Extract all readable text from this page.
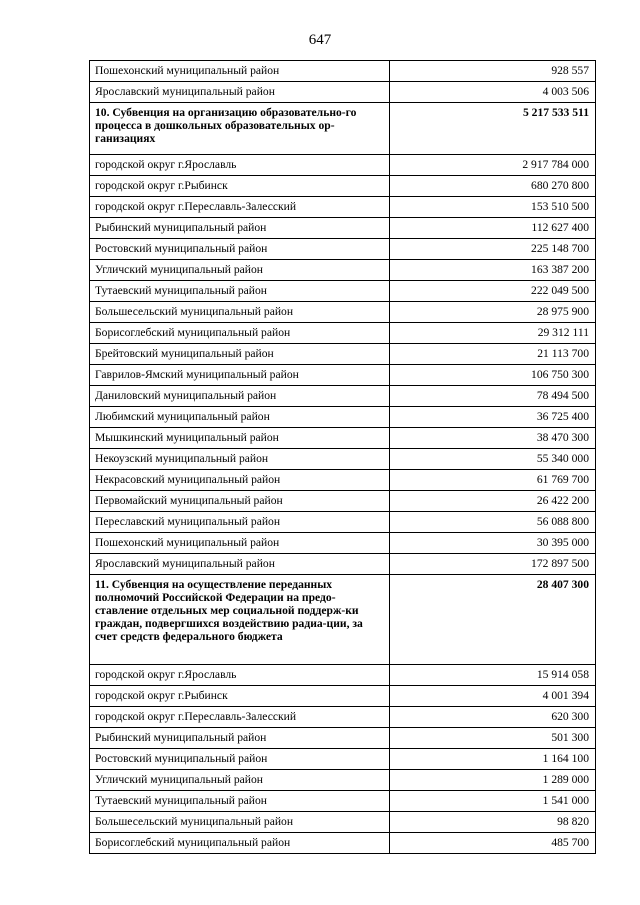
647
Пошехонский муниципальный район	928 557
Ярославский муниципальный район	4 003 506
10. Субвенция на организацию образовательно-го процесса в дошкольных образовательных ор-ганизациях	5 217 533 511
городской округ г.Ярославль	2 917 784 000
городской округ г.Рыбинск	680 270 800
городской округ г.Переславль-Залесский	153 510 500
Рыбинский муниципальный район	112 627 400
Ростовский муниципальный район	225 148 700
Угличский муниципальный район	163 387 200
Тутаевский муниципальный район	222 049 500
Большесельский муниципальный район	28 975 900
Борисоглебский муниципальный район	29 312 111
Брейтовский муниципальный район	21 113 700
Гаврилов-Ямский муниципальный район	106 750 300
Даниловский муниципальный район	78 494 500
Любимский муниципальный район	36 725 400
Мышкинский муниципальный район	38 470 300
Некоузский муниципальный район	55 340 000
Некрасовский муниципальный район	61 769 700
Первомайский муниципальный район	26 422 200
Переславский муниципальный район	56 088 800
Пошехонский муниципальный район	30 395 000
Ярославский муниципальный район	172 897 500
11. Субвенция на осуществление переданных полномочий Российской Федерации на предо-ставление отдельных мер социальной поддерж-ки граждан, подвергшихся воздействию радиа-ции, за счет средств федерального бюджета	28 407 300
городской округ г.Ярославль	15 914 058
городской округ г.Рыбинск	4 001 394
городской округ г.Переславль-Залесский	620 300
Рыбинский муниципальный район	501 300
Ростовский муниципальный район	1 164 100
Угличский муниципальный район	1 289 000
Тутаевский муниципальный район	1 541 000
Большесельский муниципальный район	98 820
Борисоглебский муниципальный район	485 700
